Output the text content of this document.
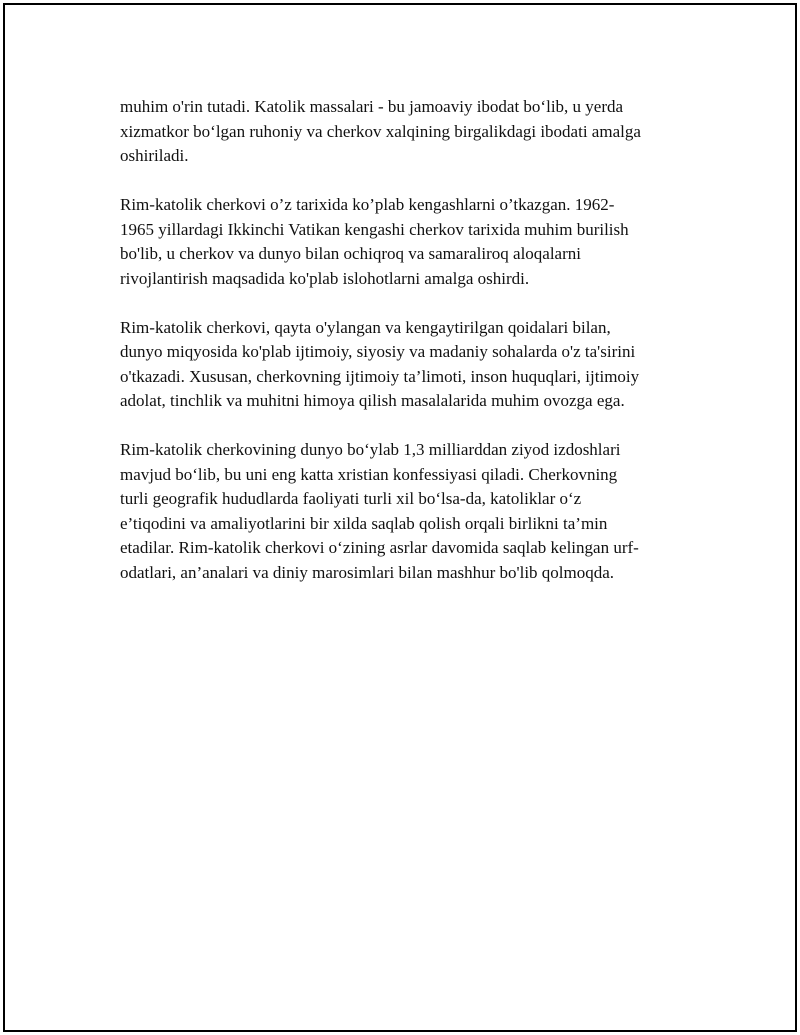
muhim o'rin tutadi. Katolik massalari - bu jamoaviy ibodat bo‘lib, u yerda
xizmatkor bo‘lgan ruhoniy va cherkov xalqining birgalikdagi ibodati amalga
oshiriladi.

Rim-katolik cherkovi o’z tarixida ko’plab kengashlarni o’tkazgan. 1962-
1965 yillardagi Ikkinchi Vatikan kengashi cherkov tarixida muhim burilish
bo'lib, u cherkov va dunyo bilan ochiqroq va samaraliroq aloqalarni
rivojlantirish maqsadida ko'plab islohotlarni amalga oshirdi.

Rim-katolik cherkovi, qayta o'ylangan va kengaytirilgan qoidalari bilan,
dunyo miqyosida ko'plab ijtimoiy, siyosiy va madaniy sohalarda o'z ta'sirini
o'tkazadi. Xususan, cherkovning ijtimoiy ta’limoti, inson huquqlari, ijtimoiy
adolat, tinchlik va muhitni himoya qilish masalalarida muhim ovozga ega.

Rim-katolik cherkovining dunyo bo‘ylab 1,3 milliarddan ziyod izdoshlari
mavjud bo‘lib, bu uni eng katta xristian konfessiyasi qiladi. Cherkovning
turli geografik hududlarda faoliyati turli xil bo‘lsa-da, katoliklar o‘z
e’tiqodini va amaliyotlarini bir xilda saqlab qolish orqali birlikni ta’min
etadilar. Rim-katolik cherkovi o‘zining asrlar davomida saqlab kelingan urf-
odatlari, an’analari va diniy marosimlari bilan mashhur bo'lib qolmoqda.
